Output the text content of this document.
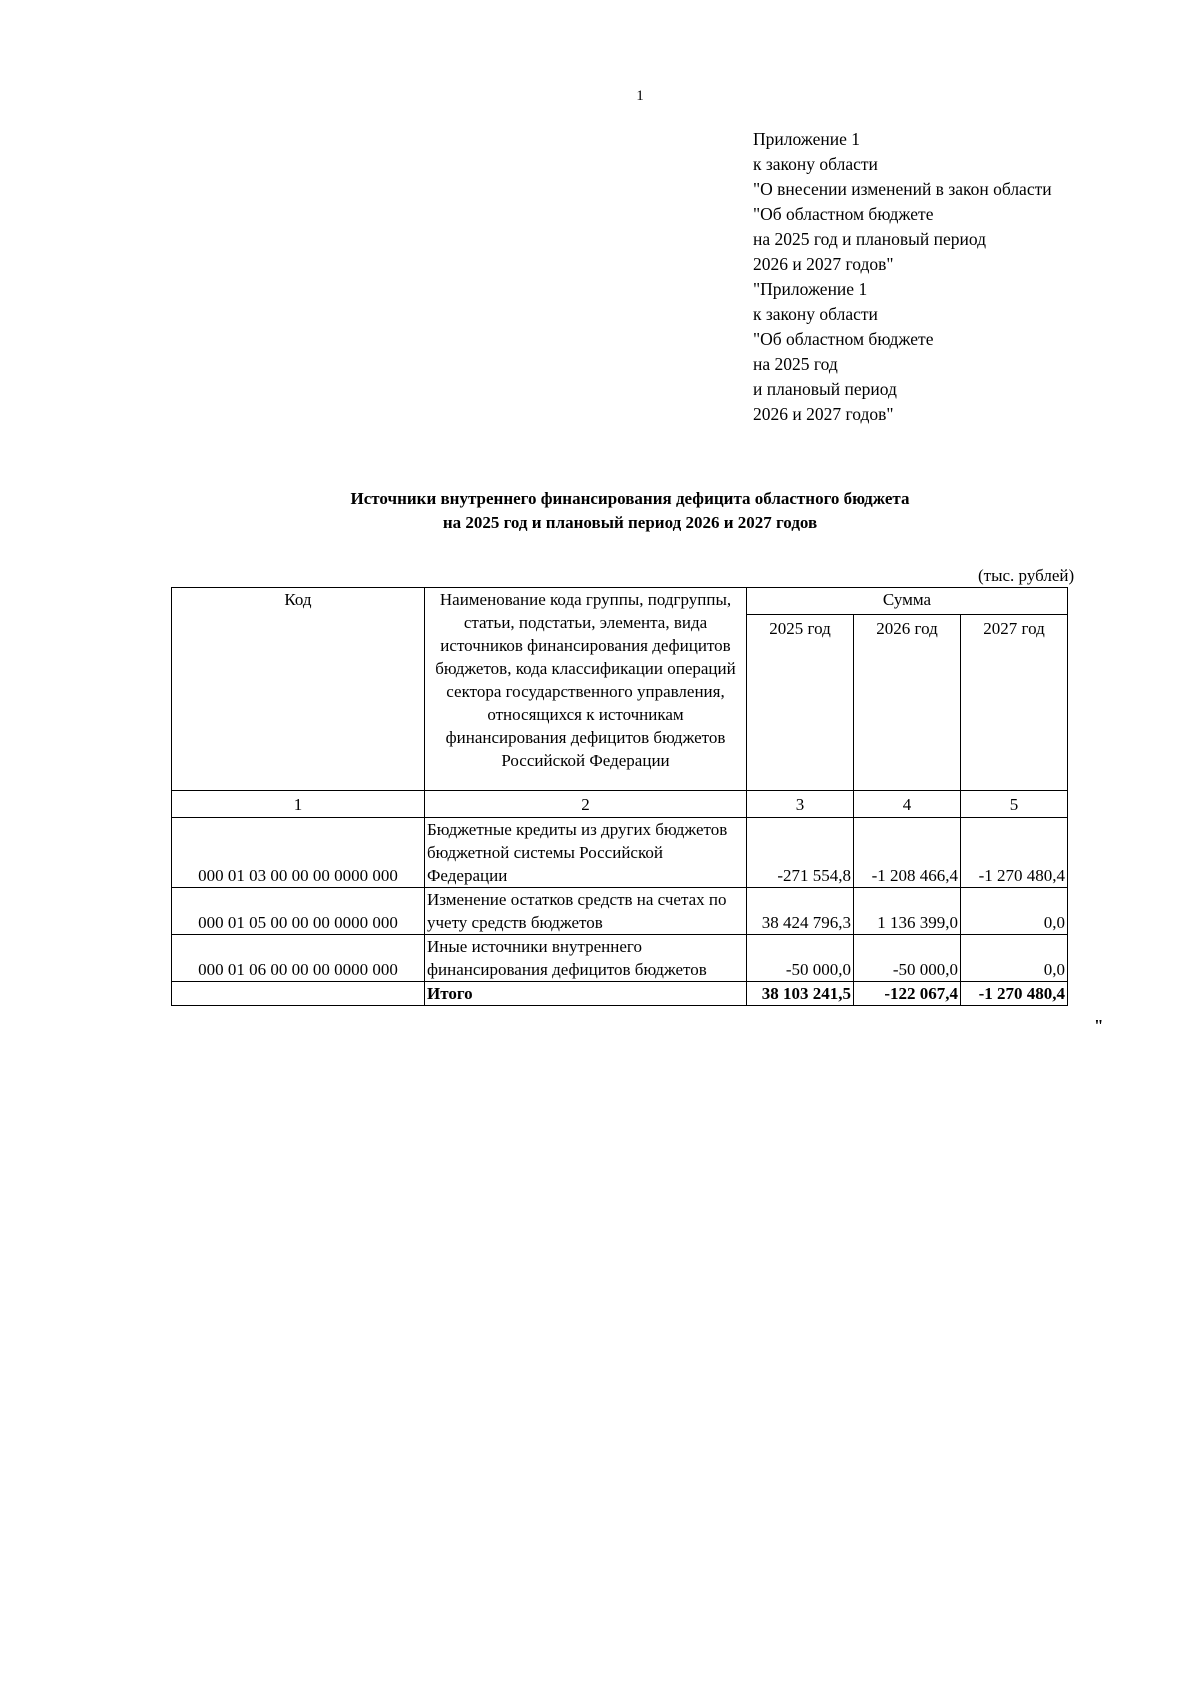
1
Приложение 1
к закону области
"О внесении изменений в закон области
"Об областном бюджете
на 2025 год и плановый период
2026 и 2027 годов"
"Приложение 1
к закону области
"Об областном бюджете
на 2025 год
и плановый период
2026 и 2027 годов"
Источники внутреннего финансирования дефицита областного бюджета
на 2025 год и плановый период 2026 и 2027 годов
(тыс. рублей)
Код	Наименование кода группы, подгруппы, статьи, подстатьи, элемента, вида источников финансирования дефицитов бюджетов, кода классификации операций сектора государственного управления, относящихся к источникам финансирования дефицитов бюджетов Российской Федерации	Сумма		
		2025 год	2026 год	2027 год
1	2	3	4	5
000 01 03 00 00 00 0000 000	Бюджетные кредиты из других бюджетов бюджетной системы Российской Федерации	-271 554,8	-1 208 466,4	-1 270 480,4
000 01 05 00 00 00 0000 000	Изменение остатков средств на счетах по учету средств бюджетов	38 424 796,3	1 136 399,0	0,0
000 01 06 00 00 00 0000 000	Иные источники внутреннего финансирования дефицитов бюджетов	-50 000,0	-50 000,0	0,0
	Итого	38 103 241,5	-122 067,4	-1 270 480,4
"
